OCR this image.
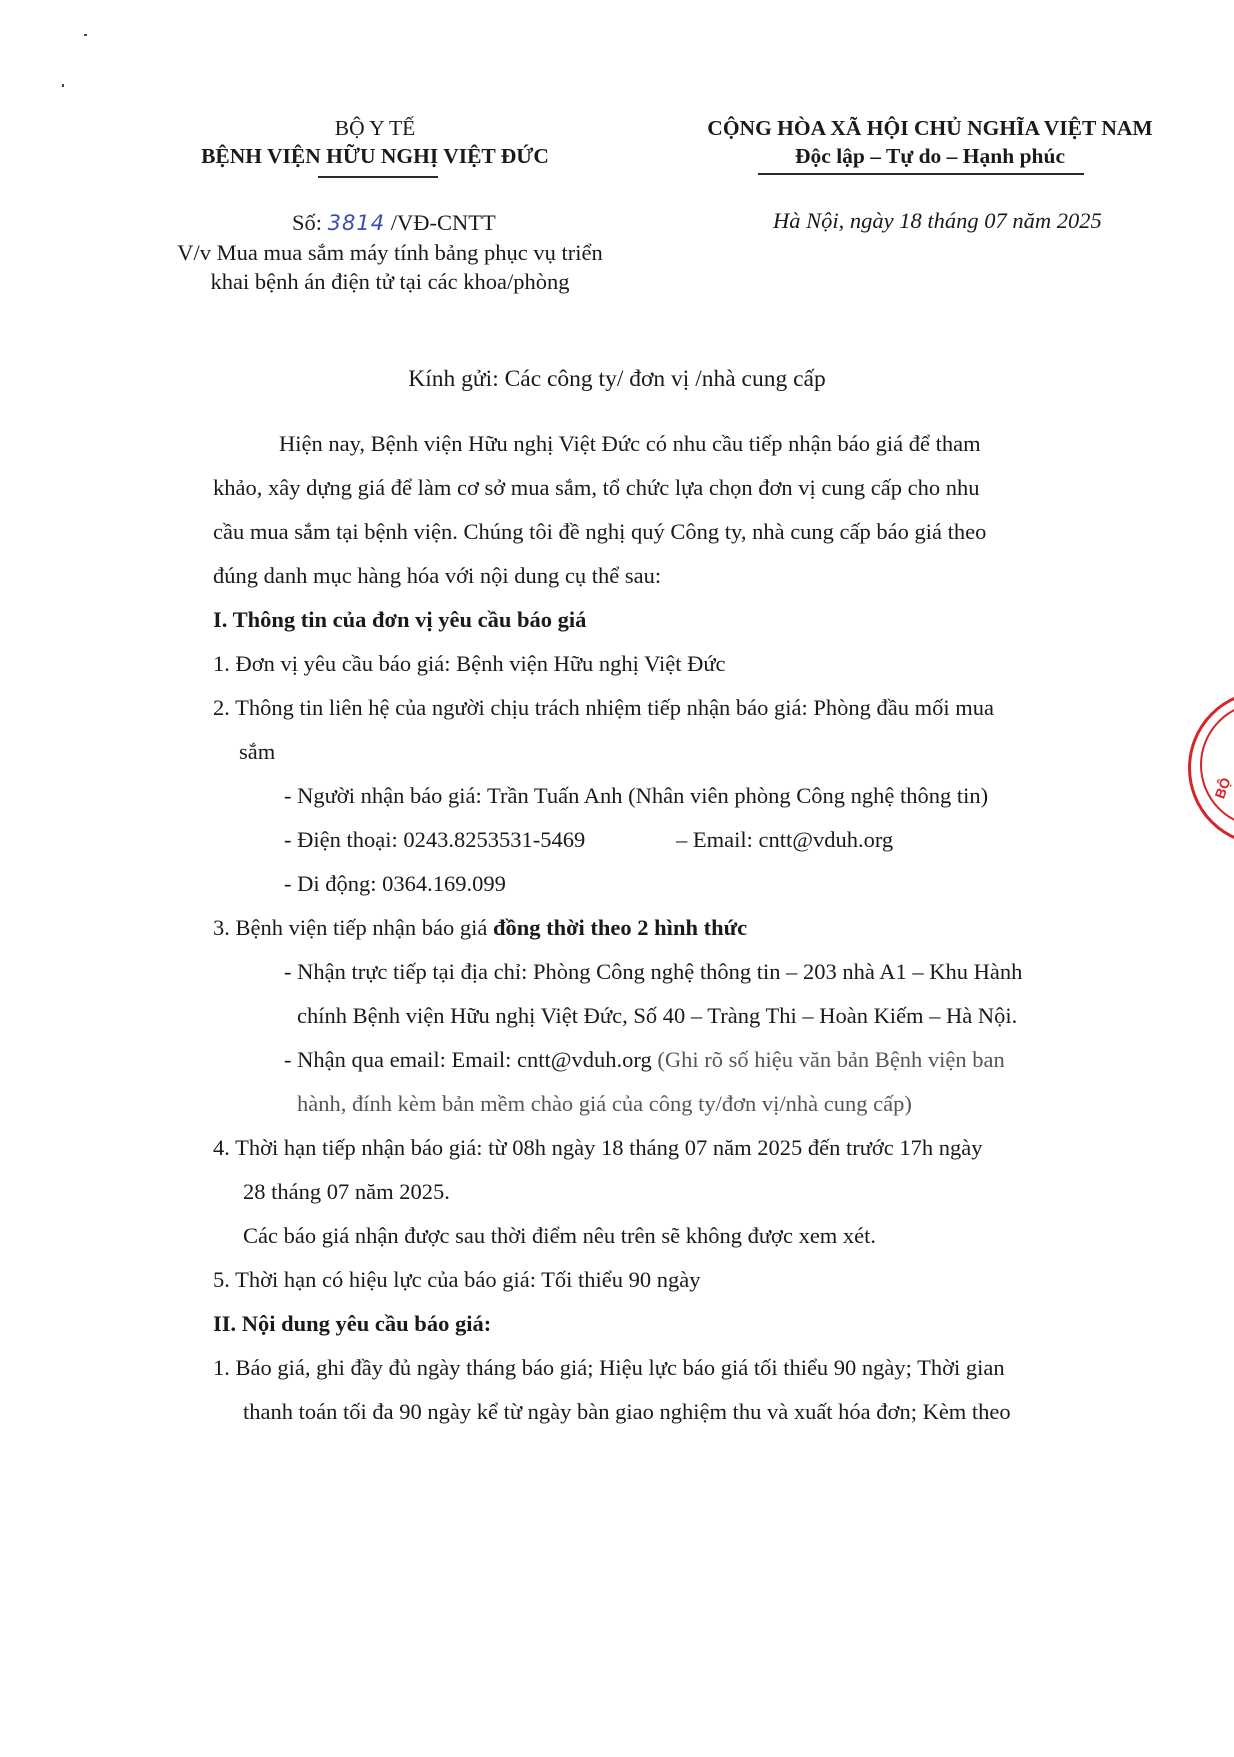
BỘ Y TẾ
BỆNH VIỆN HỮU NGHỊ VIỆT ĐỨC
CỘNG HÒA XÃ HỘI CHỦ NGHĨA VIỆT NAM
Độc lập – Tự do – Hạnh phúc
Số: 3814 /VĐ-CNTT	Hà Nội, ngày 18 tháng 07 năm 2025
V/v Mua mua sắm máy tính bảng phục vụ triển
khai bệnh án điện tử tại các khoa/phòng
Kính gửi: Các công ty/ đơn vị /nhà cung cấp
Hiện nay, Bệnh viện Hữu nghị Việt Đức có nhu cầu tiếp nhận báo giá để tham
khảo, xây dựng giá để làm cơ sở mua sắm, tổ chức lựa chọn đơn vị cung cấp cho nhu
cầu mua sắm tại bệnh viện. Chúng tôi đề nghị quý Công ty, nhà cung cấp báo giá theo
đúng danh mục hàng hóa với nội dung cụ thể sau:
I. Thông tin của đơn vị yêu cầu báo giá
1. Đơn vị yêu cầu báo giá: Bệnh viện Hữu nghị Việt Đức
2. Thông tin liên hệ của người chịu trách nhiệm tiếp nhận báo giá: Phòng đầu mối mua
sắm
- Người nhận báo giá: Trần Tuấn Anh (Nhân viên phòng Công nghệ thông tin)
- Điện thoại: 0243.8253531-5469	– Email: cntt@vduh.org
- Di động: 0364.169.099
3. Bệnh viện tiếp nhận báo giá đồng thời theo 2 hình thức
- Nhận trực tiếp tại địa chỉ: Phòng Công nghệ thông tin – 203 nhà A1 – Khu Hành
chính Bệnh viện Hữu nghị Việt Đức, Số 40 – Tràng Thi – Hoàn Kiếm – Hà Nội.
- Nhận qua email: Email: cntt@vduh.org (Ghi rõ số hiệu văn bản Bệnh viện ban
hành, đính kèm bản mềm chào giá của công ty/đơn vị/nhà cung cấp)
4. Thời hạn tiếp nhận báo giá: từ 08h ngày 18 tháng 07 năm 2025 đến trước 17h ngày
28 tháng 07 năm 2025.
Các báo giá nhận được sau thời điểm nêu trên sẽ không được xem xét.
5. Thời hạn có hiệu lực của báo giá: Tối thiểu 90 ngày
II. Nội dung yêu cầu báo giá:
1. Báo giá, ghi đầy đủ ngày tháng báo giá; Hiệu lực báo giá tối thiểu 90 ngày; Thời gian
thanh toán tối đa 90 ngày kể từ ngày bàn giao nghiệm thu và xuất hóa đơn; Kèm theo
BỘ
